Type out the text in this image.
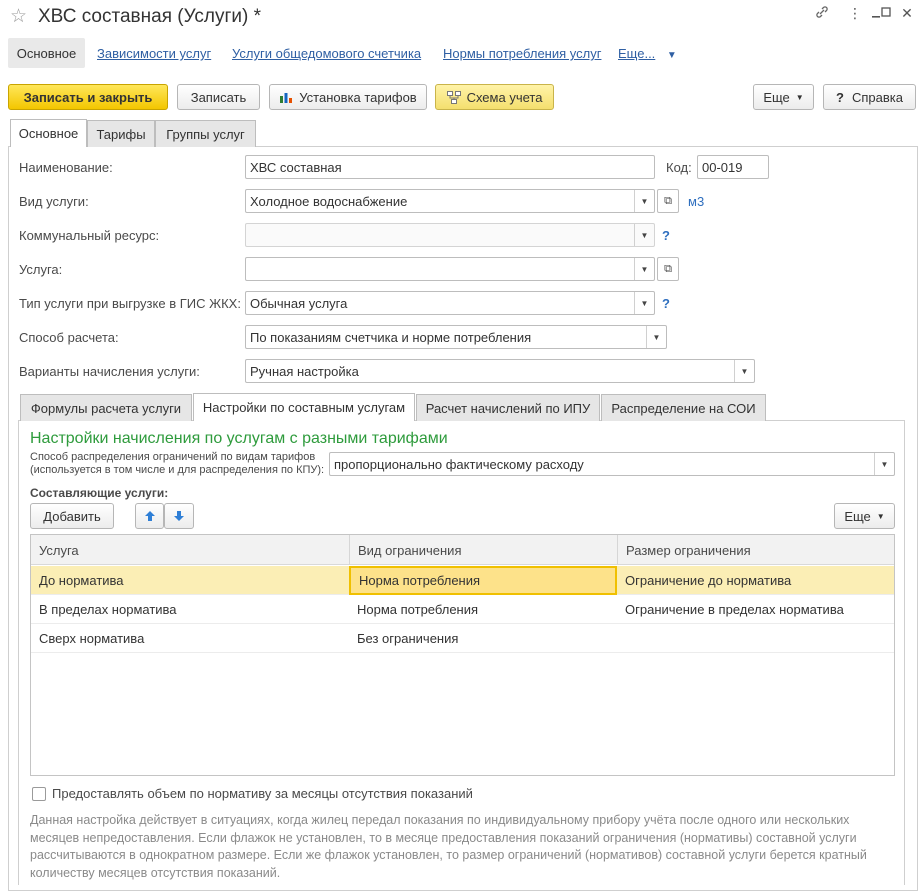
☆ ХВС составная (Услуги) *	⋮	✕
Основное	Зависимости услуг Услуги общедомового счетчика Нормы потребления услуг Еще... ▼
Записать и закрыть	Записать	Установка тарифов	Схема учета	Еще ▼ ? Справка
Основное	Тарифы	Группы услуг
Наименование:	ХВС составная	Код: 00-019
Вид услуги:	Холодное водоснабжение	▼	⧉	м3
Коммунальный ресурс:	▼	?
Услуга:	▼	⧉
Тип услуги при выгрузке в ГИС ЖКХ: Обычная услуга	▼	?
Способ расчета:	По показаниям счетчика и норме потребления	▼
Варианты начисления услуги:	Ручная настройка	▼
Формулы расчета услуги	Настройки по составным услугам	Расчет начислений по ИПУ	Распределение на СОИ
Настройки начисления по услугам с разными тарифами
Способ распределения ограничений по видам тарифов
(используется в том числе и для распределения по КПУ): пропорционально фактическому расходу	▼
Составляющие услуги:
Добавить	Еще ▼
Услуга	Вид ограничения	Размер ограничения
До норматива	Норма потребления	Ограничение до норматива
В пределах норматива	Норма потребления	Ограничение в пределах норматива
Сверх норматива	Без ограничения
Предоставлять объем по нормативу за месяцы отсутствия показаний
Данная настройка действует в ситуациях, когда жилец передал показания по индивидуальному прибору учёта после одного или нескольких месяцев непредоставления. Если флажок не установлен, то в месяце предоставления показаний ограничения (нормативы) составной услуги рассчитываются в однократном размере. Если же флажок установлен, то размер ограничений (нормативов) составной услуги берется кратный количеству месяцев отсутствия показаний.
